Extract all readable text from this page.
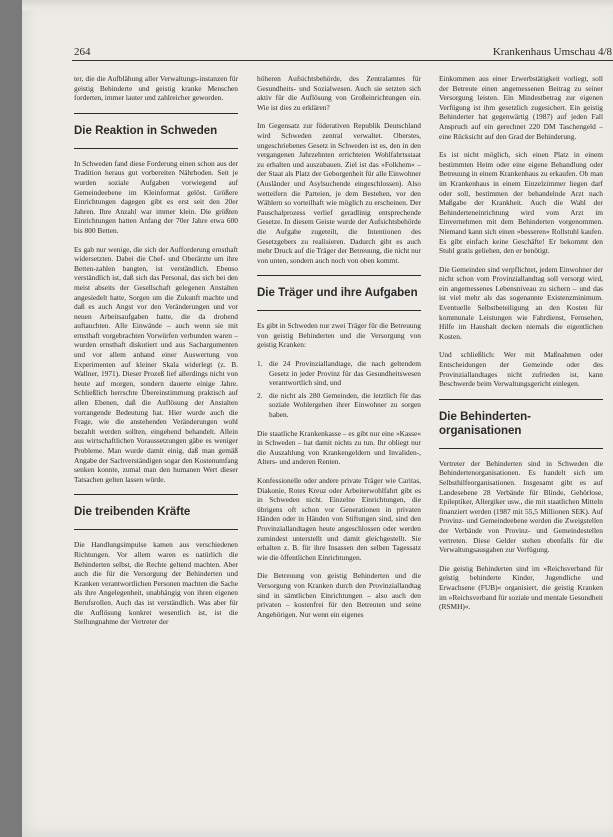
264	Krankenhaus Umschau 4/8

ter, die die Aufblähung aller Verwaltungs-instanzen für geistig Behinderte und geistig kranke Menschen forderten, immer lauter und zahlreicher geworden.

Die Reaktion in Schweden

In Schweden fand diese Forderung einen schon aus der Tradition heraus gut vorbereiten Nährboden. Seit je wurden soziale Aufgaben vorwiegend auf Gemeindeebene im Kleinformat gelöst. Größere Einrichtungen dagegen gibt es erst seit den 20er Jahren. Ihre Anzahl war immer klein. Die größten Einrichtungen hatten Anfang der 70er Jahre etwa 600 bis 800 Betten.

Es gab nur wenige, die sich der Aufforderung ernsthaft widersetzten. Dabei die Chef- und Oberärzte um ihre Betten-zahlen bangten, ist verständlich. Ebenso verständlich ist, daß sich das Personal, das sich bei den meist abseits der Gesellschaft gelegenen Anstalten angesiedelt hatte, Sorgen um die Zukunft machte und daß es auch Angst vor den Veränderungen und vor neuen Arbeitsaufgaben hatte, die da drohend auftauchten. Alle Einwände – auch wenn sie mit ernsthaft vorgebrachten Vorwürfen verbunden waren – wurden ernsthaft diskutiert und aus Sachargumenten und vor allem anhand einer Auswertung von Experimenten auf kleiner Skala widerlegt (z. B. Wallner, 1971). Dieser Prozeß lief allerdings nicht von heute auf morgen, sondern dauerte einige Jahre. Schließlich herrschte Übereinstimmung praktisch auf allen Ebenen, daß die Auflösung der Anstalten vorrangende Bedeutung hat. Hier wurde auch die Frage, wie die anstehenden Veränderungen wohl bezahlt werden sollten, eingehend behandelt. Allein aus wirtschaftlichen Voraussetzungen gäbe es weniger Probleme. Man wurde damit einig, daß man gemäß Angabe der Sachverständigen sogar den Kostenumfang senken konnte, zumal man den humanen Wert dieser Tatsachen gelten lassen würde.

Die treibenden Kräfte

Die Handlungsimpulse kamen aus verschiedenen Richtungen. Vor allem waren es natürlich die Behinderten selbst, die Rechte geltend machten. Aber auch die für die Versorgung der Behinderten und Kranken verantwortlichen Personen machten die Sache als ihre Angelegenheit, unabhängig von ihren eigenen Berufsrollen. Auch das ist verständlich. Was aber für die Auflösung konkret wesentlich ist, ist die Stellungnahme der Vertreter der

höheren Aufsichtsbehörde, des Zentralamtes für Gesundheits- und Sozialwesen. Auch sie setzten sich aktiv für die Auflösung von Großeinrichtungen ein. Wie ist dies zu erklären?

Im Gegensatz zur föderativen Republik Deutschland wird Schweden zentral verwaltet. Oberstes, ungeschriebenes Gesetz in Schweden ist es, den in den vergangenen Jahrzehnten errichteten Wohlfahrtsstaat zu erhalten und auszubauen. Ziel ist das »Folkhem« – der Staat als Platz der Geborgenheit für alle Einwohner (Ausländer und Asylsuchende eingeschlossen). Also wetteifern die Parteien, je dem Bestehen, vor den Wählern so vorteilhaft wie möglich zu erscheinen. Der Pauschalprozess verlief geradlinig entsprechende Gesetze. In diesem Geiste wurde der Aufsichtsbehörde die Aufgabe zugeteilt, die Intentionen des Gesetzgebers zu realisieren. Dadurch gibt es auch mehr Druck auf die Träger der Betreuung, die nicht nur von unten, sondern auch noch von oben kommt.

Die Träger und ihre Aufgaben

Es gibt in Schweden nur zwei Träger für die Betreuung von geistig Behinderten und die Versorgung von geistig Kranken:

1. die 24 Provinziallandtage, die nach geltendem Gesetz in jeder Provinz für das Gesundheitswesen verantwortlich sind, und
2. die nicht als 280 Gemeinden, die letztlich für das soziale Wohlergehen ihrer Einwohner zu sorgen haben.

Die staatliche Krankenkasse – es gibt nur eine »Kasse« in Schweden – hat damit nichts zu tun. Ihr obliegt nur die Auszahlung von Krankengeldern und Invaliden-, Alters- und anderen Renten.

Konfessionelle oder andere private Träger wie Caritas, Diakonie, Rotes Kreuz oder Arbeiterwohlfahrt gibt es in Schweden nicht. Einzelne Einrichtungen, die übrigens oft schon vor Generationen in privaten Händen oder in Händen von Stiftungen sind, sind den Provinziallandtagen heute angeschlossen oder werden zumindest unterstellt und damit gleichgestellt. Sie erhalten z. B. für ihre Insassen den selben Tagessatz wie die öffentlichen Einrichtungen.

Die Betreuung von geistig Behinderten und die Versorgung von Kranken durch den Provinziallandtag sind in sämtlichen Einrichtungen – also auch den privaten – kostenfrei für den Betreuten und seine Angehörigen. Nur wenn ein eigenes

Einkommen aus einer Erwerbstätigkeit vorliegt, soll der Betreute einen angemessenen Beitrag zu seiner Versorgung leisten. Ein Mindestbetrag zur eigenen Verfügung ist ihm gesetzlich zugesichert. Ein geistig Behinderter hat gegenwärtig (1987) auf jeden Fall Anspruch auf ein gerechnet 220 DM Taschengeld – eine Rücksicht auf den Grad der Behinderung.

Es ist nicht möglich, sich einen Platz in einem bestimmten Heim oder eine eigene Behandlung oder Betreuung in einem Krankenhaus zu erkaufen. Ob man im Krankenhaus in einem Einzelzimmer liegen darf oder soll, bestimmen der behandelnde Arzt nach Maßgabe der Krankheit. Auch die Wahl der Behinderteneinrichtung wird vom Arzt im Einvernehmen mit dem Behinderten vorgenommen. Niemand kann sich einen »besseren« Rollstuhl kaufen. Es gibt einfach keine Geschäfte! Er bekommt den Stuhl gratis geliehen, den er benötigt.

Die Gemeinden sind verpflichtet, jedem Einwohner der nicht schon vom Provinziallandtag soll versorgt wird, ein angemessenes Lebensniveau zu sichern – und das ist viel mehr als das sogenannte Existenzminimum. Eventuelle Selbstbeteiligung an den Kosten für kommunale Leistungen wie Fahrdienst, Fernsehen, Hilfe im Haushalt decken niemals die eigentlichen Kosten.

Und schließlich: Wer mit Maßnahmen oder Entscheidungen der Gemeinde oder des Provinziallandtages nicht zufrieden ist, kann Beschwerde beim Verwaltungsgericht einlegen.

Die Behinderten-organisationen

Vertreter der Behinderten sind in Schweden die Behindertenorganisationen. Es handelt sich um Selbsthilfeorganisationen. Insgesamt gibt es auf Landesebene 28 Verbände für Blinde, Gehörlose, Epileptiker, Allergiker usw., die mit staatlichen Mitteln finanziert werden (1987 mit 55,5 Millionen SEK). Auf Provinz- und Gemeindeebene werden die Zweigstellen der Verbände von Provinz- und Gemeindestellen vertreten. Diese Gelder stehen ebenfalls für die Verwaltungsausgaben zur Verfügung.

Die geistig Behinderten sind im »Reichsverband für geistig behinderte Kinder, Jugendliche und Erwachsene (FUB)« organisiert, die geistig Kranken im »Reichsverband für soziale und mentale Gesundheit (RSMH)«.
